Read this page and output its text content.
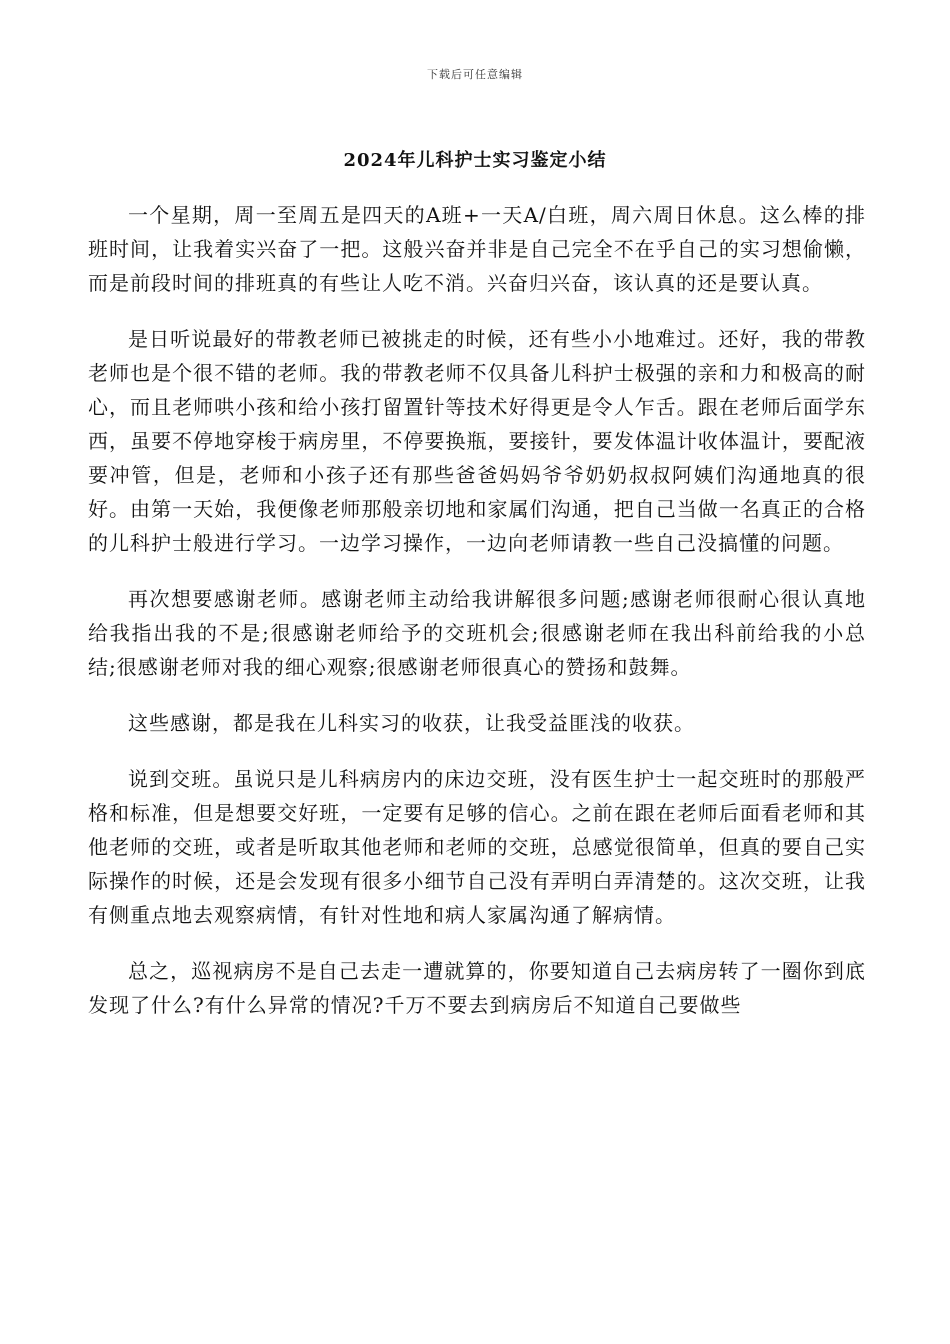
下载后可任意编辑
2024年儿科护士实习鉴定小结

一个星期，周一至周五是四天的A班+一天A/白班，周六周日休息。这么棒的排班时间，让我着实兴奋了一把。这般兴奋并非是自己完全不在乎自己的实习想偷懒，而是前段时间的排班真的有些让人吃不消。兴奋归兴奋，该认真的还是要认真。

是日听说最好的带教老师已被挑走的时候，还有些小小地难过。还好，我的带教老师也是个很不错的老师。我的带教老师不仅具备儿科护士极强的亲和力和极高的耐心，而且老师哄小孩和给小孩打留置针等技术好得更是令人乍舌。跟在老师后面学东西，虽要不停地穿梭于病房里，不停要换瓶，要接针，要发体温计收体温计，要配液要冲管，但是，老师和小孩子还有那些爸爸妈妈爷爷奶奶叔叔阿姨们沟通地真的很好。由第一天始，我便像老师那般亲切地和家属们沟通，把自己当做一名真正的合格的儿科护士般进行学习。一边学习操作，一边向老师请教一些自己没搞懂的问题。

再次想要感谢老师。感谢老师主动给我讲解很多问题;感谢老师很耐心很认真地给我指出我的不是;很感谢老师给予的交班机会;很感谢老师在我出科前给我的小总结;很感谢老师对我的细心观察;很感谢老师很真心的赞扬和鼓舞。

这些感谢，都是我在儿科实习的收获，让我受益匪浅的收获。

说到交班。虽说只是儿科病房内的床边交班，没有医生护士一起交班时的那般严格和标准，但是想要交好班，一定要有足够的信心。之前在跟在老师后面看老师和其他老师的交班，或者是听取其他老师和老师的交班，总感觉很简单，但真的要自己实际操作的时候，还是会发现有很多小细节自己没有弄明白弄清楚的。这次交班，让我有侧重点地去观察病情，有针对性地和病人家属沟通了解病情。

总之，巡视病房不是自己去走一遭就算的，你要知道自己去病房转了一圈你到底发现了什么?有什么异常的情况?千万不要去到病房后不知道自己要做些
